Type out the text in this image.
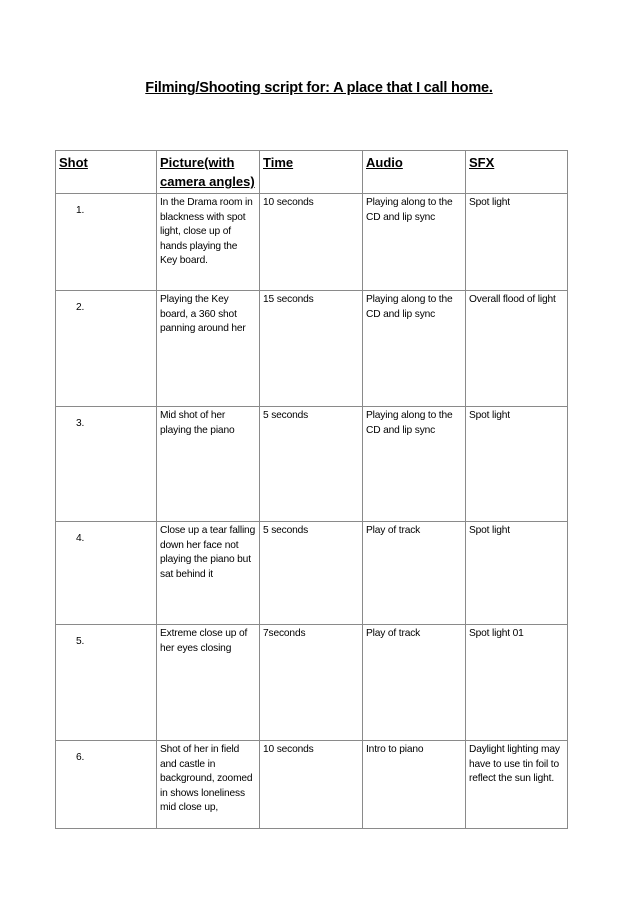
Filming/Shooting script for: A place that I call home.
Shot	Picture(with camera angles)	Time	Audio	SFX

1.	In the Drama room in blackness with spot light, close up of hands playing the Key board.	10 seconds	Playing along to the CD and lip sync	Spot light

2.	Playing the Key board, a 360 shot panning around her	15 seconds	Playing along to the CD and lip sync	Overall flood of light

3.	Mid shot of her playing the piano	5 seconds	Playing along to the CD and lip sync	Spot light

4.	Close up a tear falling down her face not playing the piano but sat behind it	5 seconds	Play of track	Spot light

5.	Extreme close up of her eyes closing	7seconds	Play of track	Spot light 01

6.	Shot of her in field and castle in background, zoomed in shows loneliness mid close up,	10 seconds	Intro to piano	Daylight lighting may have to use tin foil to reflect the sun light.
